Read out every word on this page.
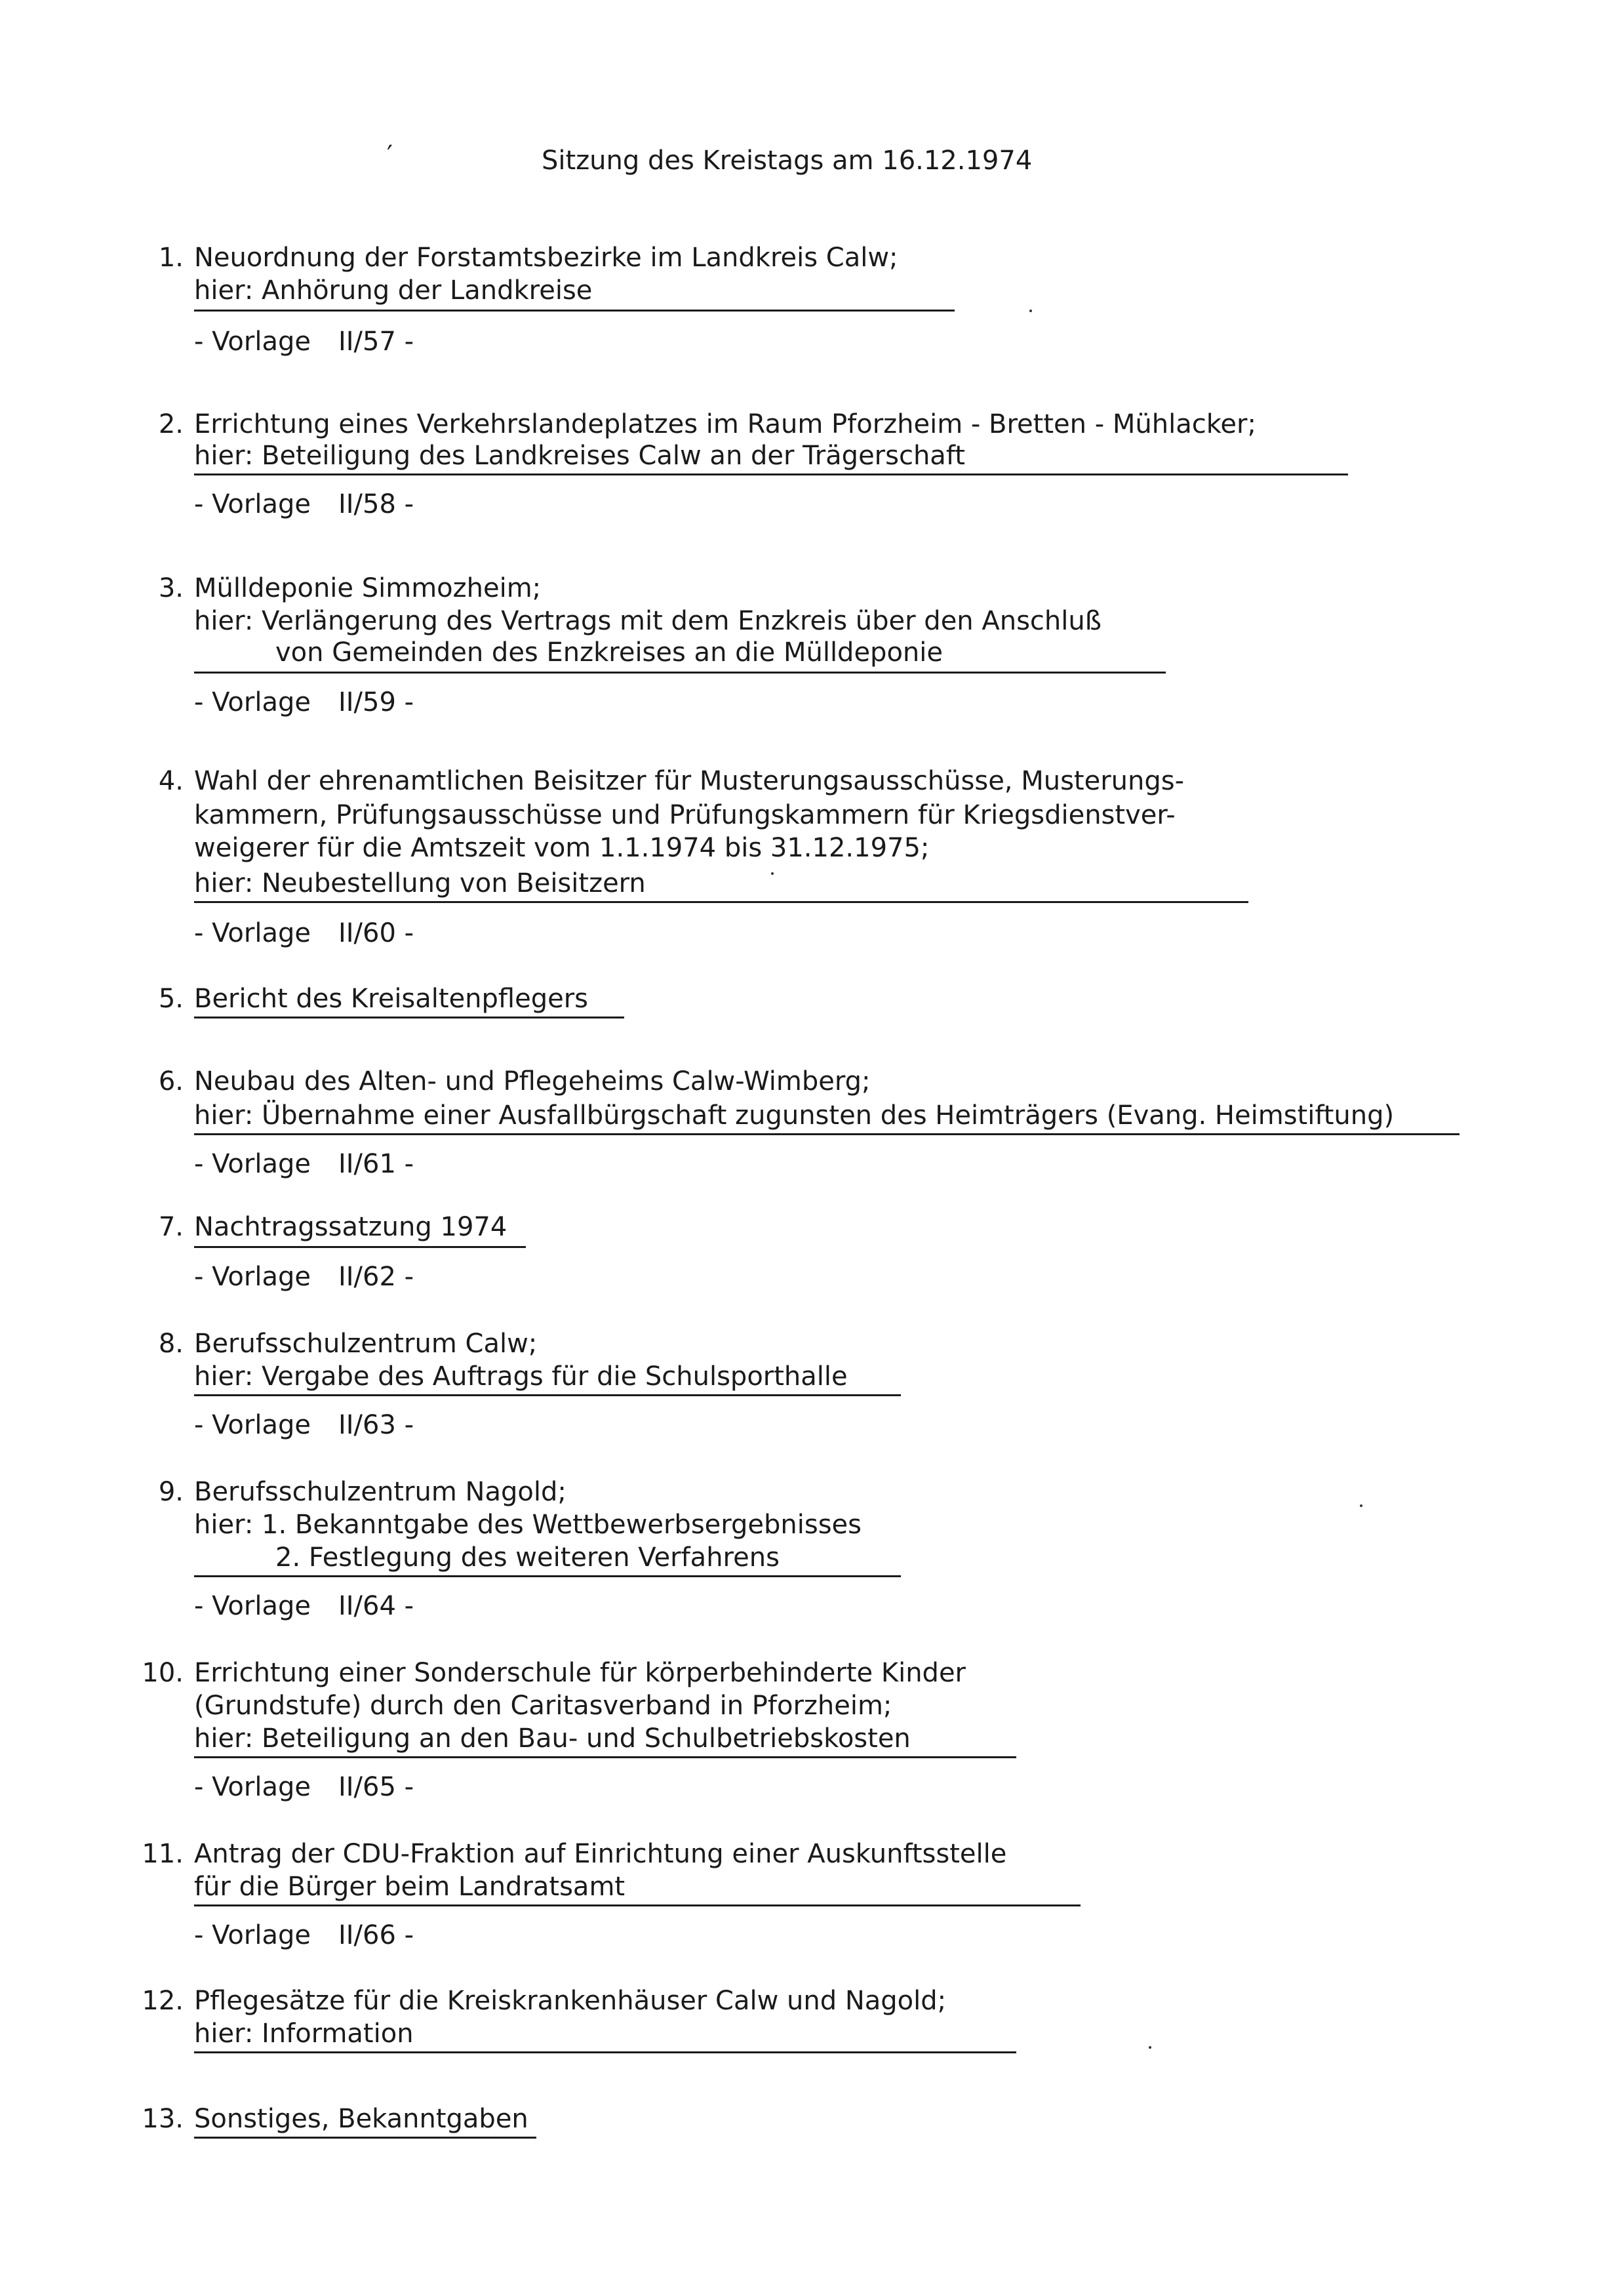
′	Sitzung des Kreistags am 16.12.1974
1. Neuordnung der Forstamtsbezirke im Landkreis Calw;
hier: Anhörung der Landkreise
- Vorlage II/57 -
2. Errichtung eines Verkehrslandeplatzes im Raum Pforzheim - Bretten - Mühlacker;
hier: Beteiligung des Landkreises Calw an der Trägerschaft
- Vorlage II/58 -
3. Mülldeponie Simmozheim;
hier: Verlängerung des Vertrags mit dem Enzkreis über den Anschluß
von Gemeinden des Enzkreises an die Mülldeponie
- Vorlage II/59 -
4. Wahl der ehrenamtlichen Beisitzer für Musterungsausschüsse, Musterungs-
kammern, Prüfungsausschüsse und Prüfungskammern für Kriegsdienstver-
weigerer für die Amtszeit vom 1.1.1974 bis 31.12.1975;
hier: Neubestellung von Beisitzern
- Vorlage II/60 -
5. Bericht des Kreisaltenpflegers
6. Neubau des Alten- und Pflegeheims Calw-Wimberg;
hier: Übernahme einer Ausfallbürgschaft zugunsten des Heimträgers (Evang. Heimstiftung)
- Vorlage II/61 -
7. Nachtragssatzung 1974
- Vorlage II/62 -
8. Berufsschulzentrum Calw;
hier: Vergabe des Auftrags für die Schulsporthalle
- Vorlage II/63 -
9. Berufsschulzentrum Nagold;
hier: 1. Bekanntgabe des Wettbewerbsergebnisses
2. Festlegung des weiteren Verfahrens
- Vorlage II/64 -
10. Errichtung einer Sonderschule für körperbehinderte Kinder
(Grundstufe) durch den Caritasverband in Pforzheim;
hier: Beteiligung an den Bau- und Schulbetriebskosten
- Vorlage II/65 -
11. Antrag der CDU-Fraktion auf Einrichtung einer Auskunftsstelle
für die Bürger beim Landratsamt
- Vorlage II/66 -
12. Pflegesätze für die Kreiskrankenhäuser Calw und Nagold;
hier: Information
13. Sonstiges, Bekanntgaben
